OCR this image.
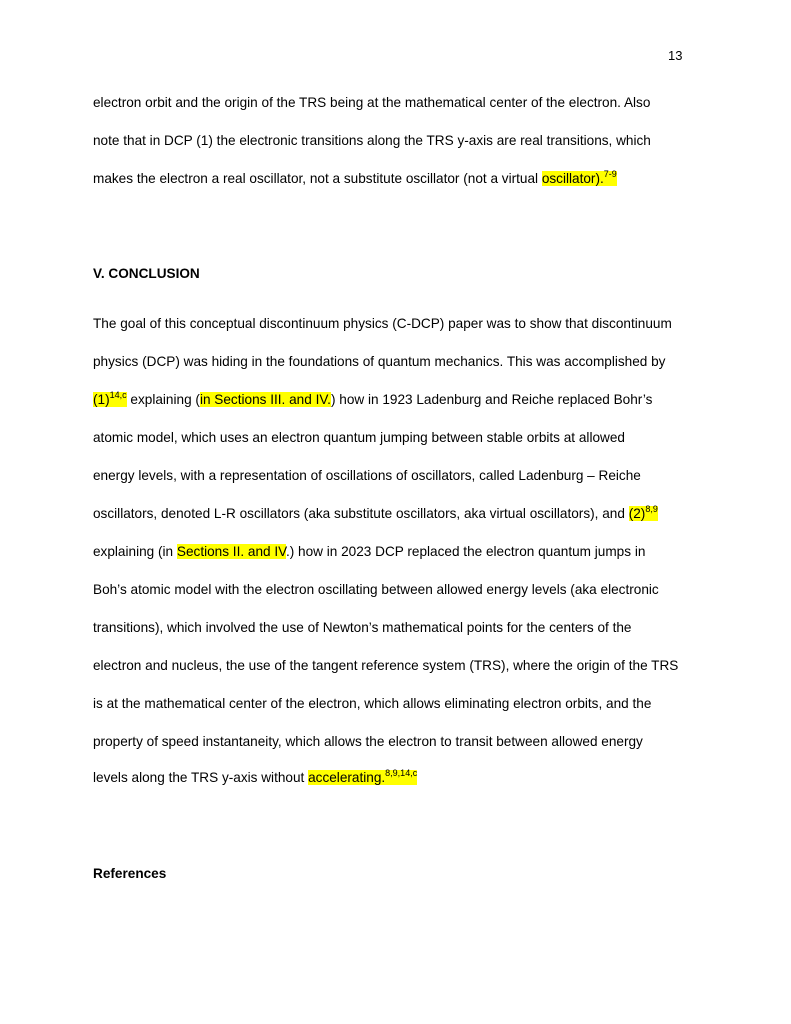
13
electron orbit and the origin of the TRS being at the mathematical center of the electron. Also
note that in DCP (1) the electronic transitions along the TRS y-axis are real transitions, which
makes the electron a real oscillator, not a substitute oscillator (not a virtual oscillator).$^{7-9}$
V. CONCLUSION
The goal of this conceptual discontinuum physics (C-DCP) paper was to show that discontinuum
physics (DCP) was hiding in the foundations of quantum mechanics. This was accomplished by
$(1)^{14,c}$ explaining (in Sections III. and IV.) how in 1923 Ladenburg and Reiche replaced Bohr’s
atomic model, which uses an electron quantum jumping between stable orbits at allowed
energy levels, with a representation of oscillations of oscillators, called Ladenburg – Reiche
oscillators, denoted L-R oscillators (aka substitute oscillators, aka virtual oscillators), and $(2)^{8,9}$
explaining (in Sections II. and IV.) how in 2023 DCP replaced the electron quantum jumps in
Boh’s atomic model with the electron oscillating between allowed energy levels (aka electronic
transitions), which involved the use of Newton’s mathematical points for the centers of the
electron and nucleus, the use of the tangent reference system (TRS), where the origin of the TRS
is at the mathematical center of the electron, which allows eliminating electron orbits, and the
property of speed instantaneity, which allows the electron to transit between allowed energy
levels along the TRS y-axis without accelerating.$^{8,9,14,c}$
References
